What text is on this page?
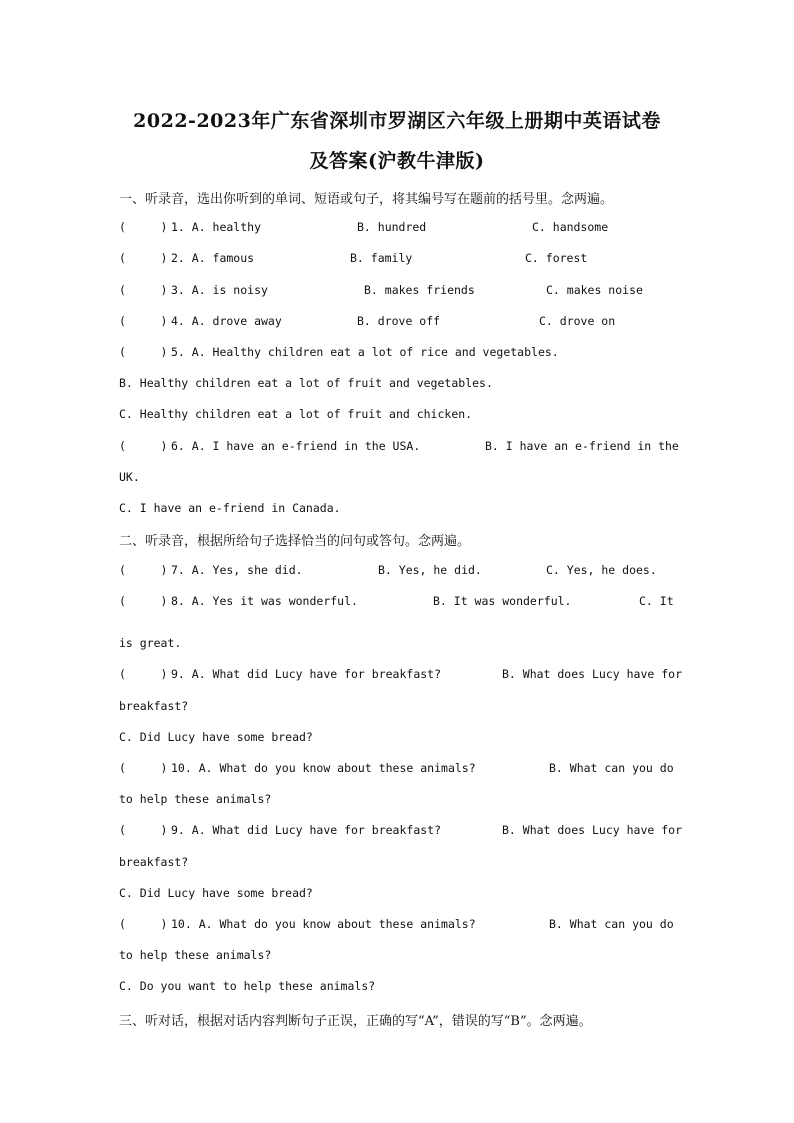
2022-2023年广东省深圳市罗湖区六年级上册期中英语试卷
及答案(沪教牛津版)
一、听录音，选出你听到的单词、短语或句子，将其编号写在题前的括号里。念两遍。
(     ) 1. A. healthy	B. hundred	C. handsome
(     ) 2. A. famous	B. family	C. forest
(     ) 3. A. is noisy	B. makes friends	C. makes noise
(     ) 4. A. drove away	B. drove off	C. drove on
(     ) 5. A. Healthy children eat a lot of rice and vegetables.
B. Healthy children eat a lot of fruit and vegetables.
C. Healthy children eat a lot of fruit and chicken.
(     ) 6. A. I have an e-friend in the USA.	B. I have an e-friend in the
UK.
C. I have an e-friend in Canada.
二、听录音，根据所给句子选择恰当的问句或答句。念两遍。
(     ) 7. A. Yes, she did.	B. Yes, he did.	C. Yes, he does.
(     ) 8. A. Yes it was wonderful.	B. It was wonderful.	C. It
is great.
(     ) 9. A. What did Lucy have for breakfast?	B. What does Lucy have for
breakfast?
C. Did Lucy have some bread?
(     ) 10. A. What do you know about these animals?	B. What can you do
to help these animals?
(     ) 9. A. What did Lucy have for breakfast?	B. What does Lucy have for
breakfast?
C. Did Lucy have some bread?
(     ) 10. A. What do you know about these animals?	B. What can you do
to help these animals?
C. Do you want to help these animals?
三、听对话，根据对话内容判断句子正误，正确的写“A”，错误的写“B”。念两遍。
